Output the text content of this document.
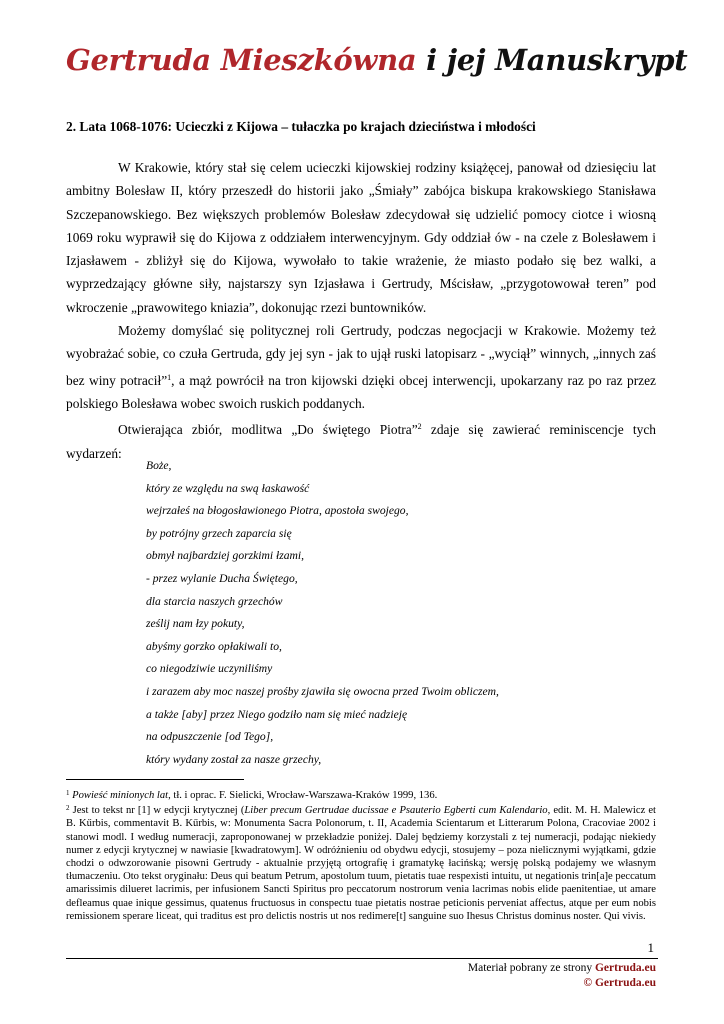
Gertruda Mieszkówna i jej Manuskrypt
2. Lata 1068-1076: Ucieczki z Kijowa – tułaczka po krajach dzieciństwa i młodości

W Krakowie, który stał się celem ucieczki kijowskiej rodziny książęcej, panował od dziesięciu lat ambitny Bolesław II, który przeszedł do historii jako „Śmiały” zabójca biskupa krakowskiego Stanisława Szczepanowskiego. Bez większych problemów Bolesław zdecydował się udzielić pomocy ciotce i wiosną 1069 roku wyprawił się do Kijowa z oddziałem interwencyjnym. Gdy oddział ów - na czele z Bolesławem i Izjasławem - zbliżył się do Kijowa, wywołało to takie wrażenie, że miasto podało się bez walki, a wyprzedzający główne siły, najstarszy syn Izjasława i Gertrudy, Mścisław, „przygotowował teren” pod wkroczenie „prawowitego kniazia”, dokonując rzezi buntowników.

Możemy domyślać się politycznej roli Gertrudy, podczas negocjacji w Krakowie. Możemy też wyobrażać sobie, co czuła Gertruda, gdy jej syn - jak to ujął ruski latopisarz - „wyciął” winnych, „innych zaś bez winy potracił”$^1$, a mąż powrócił na tron kijowski dzięki obcej interwencji, upokarzany raz po raz przez polskiego Bolesława wobec swoich ruskich poddanych.

Otwierająca zbiór, modlitwa „Do świętego Piotra”$^2$ zdaje się zawierać reminiscencje tych wydarzeń:

Boże,
który ze względu na swą łaskawość
wejrzałeś na błogosławionego Piotra, apostoła swojego,
by potrójny grzech zaparcia się
obmył najbardziej gorzkimi łzami,
- przez wylanie Ducha Świętego,
dla starcia naszych grzechów
ześlij nam łzy pokuty,
abyśmy gorzko opłakiwali to,
co niegodziwie uczyniliśmy
i zarazem aby moc naszej prośby zjawiła się owocna przed Twoim obliczem,
a także [aby] przez Niego godziło nam się mieć nadzieję
na odpuszczenie [od Tego],
który wydany został za nasze grzechy,

$^1$ Powieść minionych lat, tł. i oprac. F. Sielicki, Wrocław-Warszawa-Kraków 1999, 136.

$^2$ Jest to tekst nr [1] w edycji krytycznej (Liber precum Gertrudae ducissae e Psauterio Egberti cum Kalendario, edit. M. H. Malewicz et B. Kűrbis, commentavit B. Kűrbis, w: Monumenta Sacra Polonorum, t. II, Academia Scientarum et Litterarum Polona, Cracoviae 2002 i stanowi modl. I według numeracji, zaproponowanej w przekładzie poniżej. Dalej będziemy korzystali z tej numeracji, podając niekiedy numer z edycji krytycznej w nawiasie [kwadratowym]. W odróżnieniu od obydwu edycji, stosujemy – poza nielicznymi wyjątkami, gdzie chodzi o odwzorowanie pisowni Gertrudy - aktualnie przyjętą ortografię i gramatykę łacińską; wersję polską podajemy we własnym tłumaczeniu. Oto tekst oryginału: Deus qui beatum Petrum, apostolum tuum, pietatis tuae respexisti intuitu, ut negationis trin[a]e peccatum amarissimis dilueret lacrimis, per infusionem Sancti Spiritus pro peccatorum nostrorum venia lacrimas nobis elide paenitentiae, ut amare defleamus quae inique gessimus, quatenus fructuosus in conspectu tuae pietatis nostrae peticionis perveniat affectus, atque per eum nobis remissionem sperare liceat, qui traditus est pro delictis nostris ut nos redimere[t] sanguine suo Ihesus Christus dominus noster. Qui vivis.

1
Materiał pobrany ze strony Gertruda.eu
© Gertruda.eu
